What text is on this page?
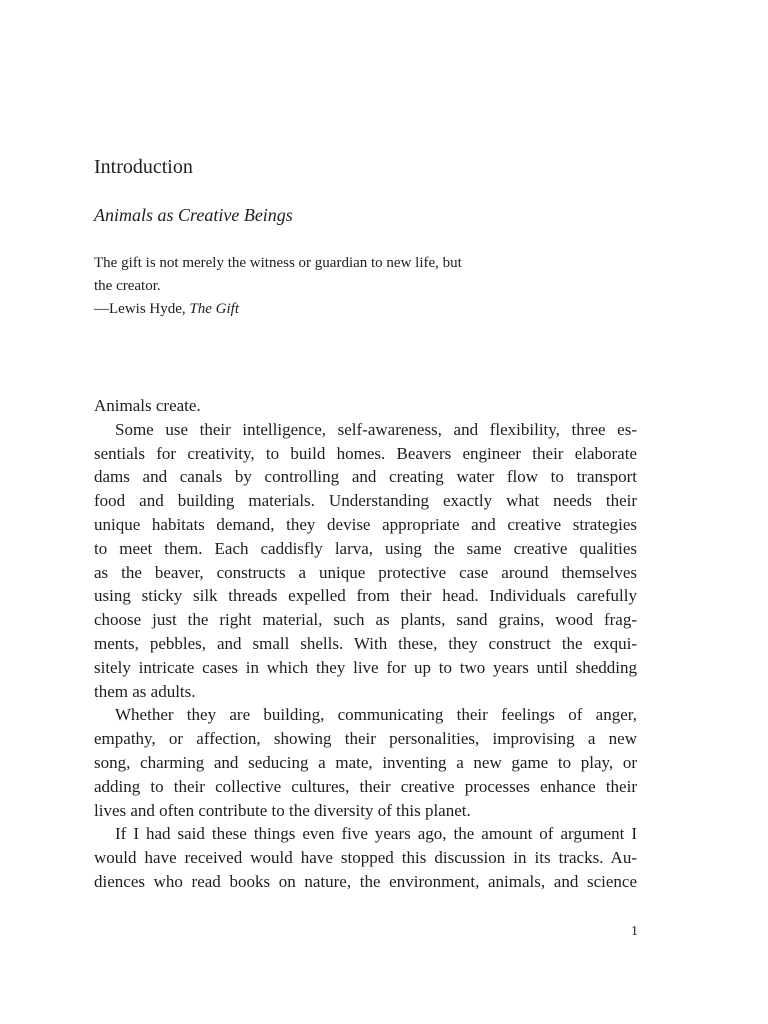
Introduction
Animals as Creative Beings
The gift is not merely the witness or guardian to new life, but
the creator.
—Lewis Hyde, The Gift
Animals create.
Some use their intelligence, self-awareness, and flexibility, three es-
sentials for creativity, to build homes. Beavers engineer their elaborate
dams and canals by controlling and creating water flow to transport
food and building materials. Understanding exactly what needs their
unique habitats demand, they devise appropriate and creative strategies
to meet them. Each caddisfly larva, using the same creative qualities
as the beaver, constructs a unique protective case around themselves
using sticky silk threads expelled from their head. Individuals carefully
choose just the right material, such as plants, sand grains, wood frag-
ments, pebbles, and small shells. With these, they construct the exqui-
sitely intricate cases in which they live for up to two years until shedding
them as adults.
Whether they are building, communicating their feelings of anger,
empathy, or affection, showing their personalities, improvising a new
song, charming and seducing a mate, inventing a new game to play, or
adding to their collective cultures, their creative processes enhance their
lives and often contribute to the diversity of this planet.
If I had said these things even five years ago, the amount of argument I
would have received would have stopped this discussion in its tracks. Au-
diences who read books on nature, the environment, animals, and science
1
